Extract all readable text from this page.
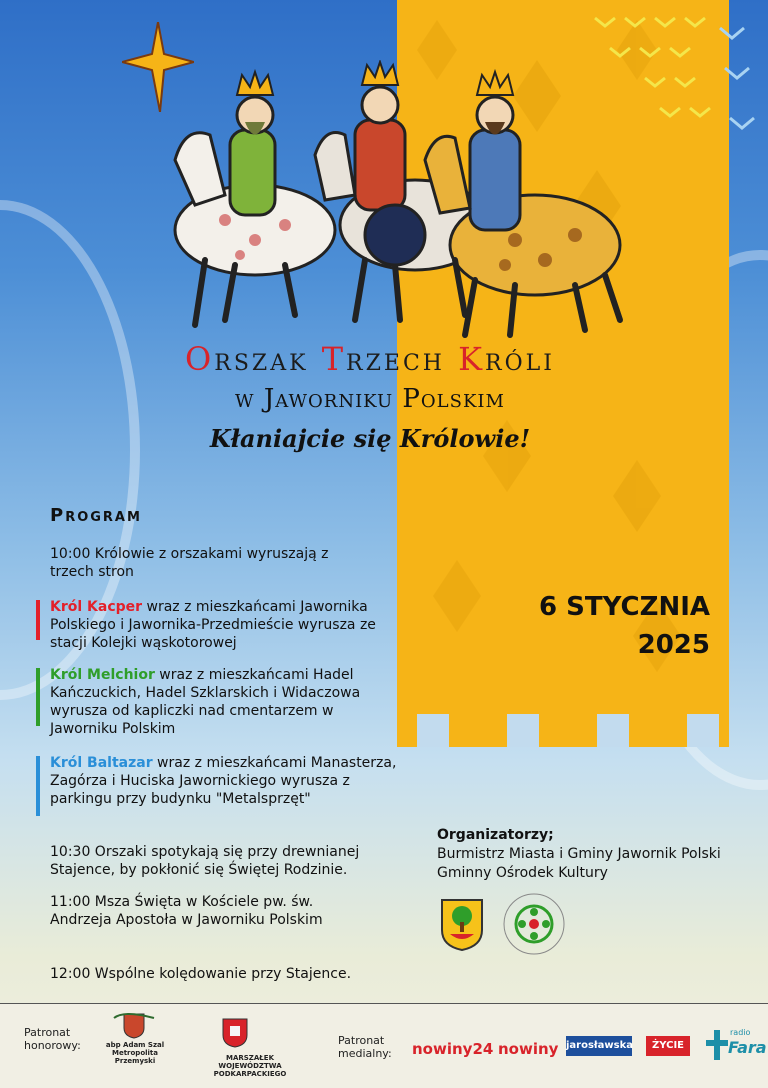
Orszak Trzech Króli
w Jaworniku Polskim
Kłaniajcie się Królowie!
Program
10:00 Królowie z orszakami wyruszają z trzech stron
Król Kacper wraz z mieszkańcami Jawornika Polskiego i Jawornika-Przedmieście wyrusza ze stacji Kolejki wąskotorowej
Król Melchior wraz z mieszkańcami Hadel Kańczuckich, Hadel Szklarskich i Widaczowa wyrusza od kapliczki nad cmentarzem w Jaworniku Polskim
Król Baltazar wraz z mieszkańcami Manasterza, Zagórza i Huciska Jawornickiego wyrusza z parkingu przy budynku "Metalsprzęt"
10:30 Orszaki spotykają się przy drewnianej Stajence, by pokłonić się Świętej Rodzinie.
11:00 Msza Święta w Kościele pw. św. Andrzeja Apostoła w Jaworniku Polskim
12:00 Wspólne kolędowanie przy Stajence.
6 STYCZNIA
2025
Organizatorzy;
Burmistrz Miasta i Gminy Jawornik Polski
Gminny Ośrodek Kultury
Patronat honorowy:	abp Adam Szal Metropolita Przemyski	MARSZAŁEK WOJEWÓDZTWA PODKARPACKIEGO
Patronat medialny:	nowiny24 nowiny jarosławska	ŻYCIE
radio
Fara
